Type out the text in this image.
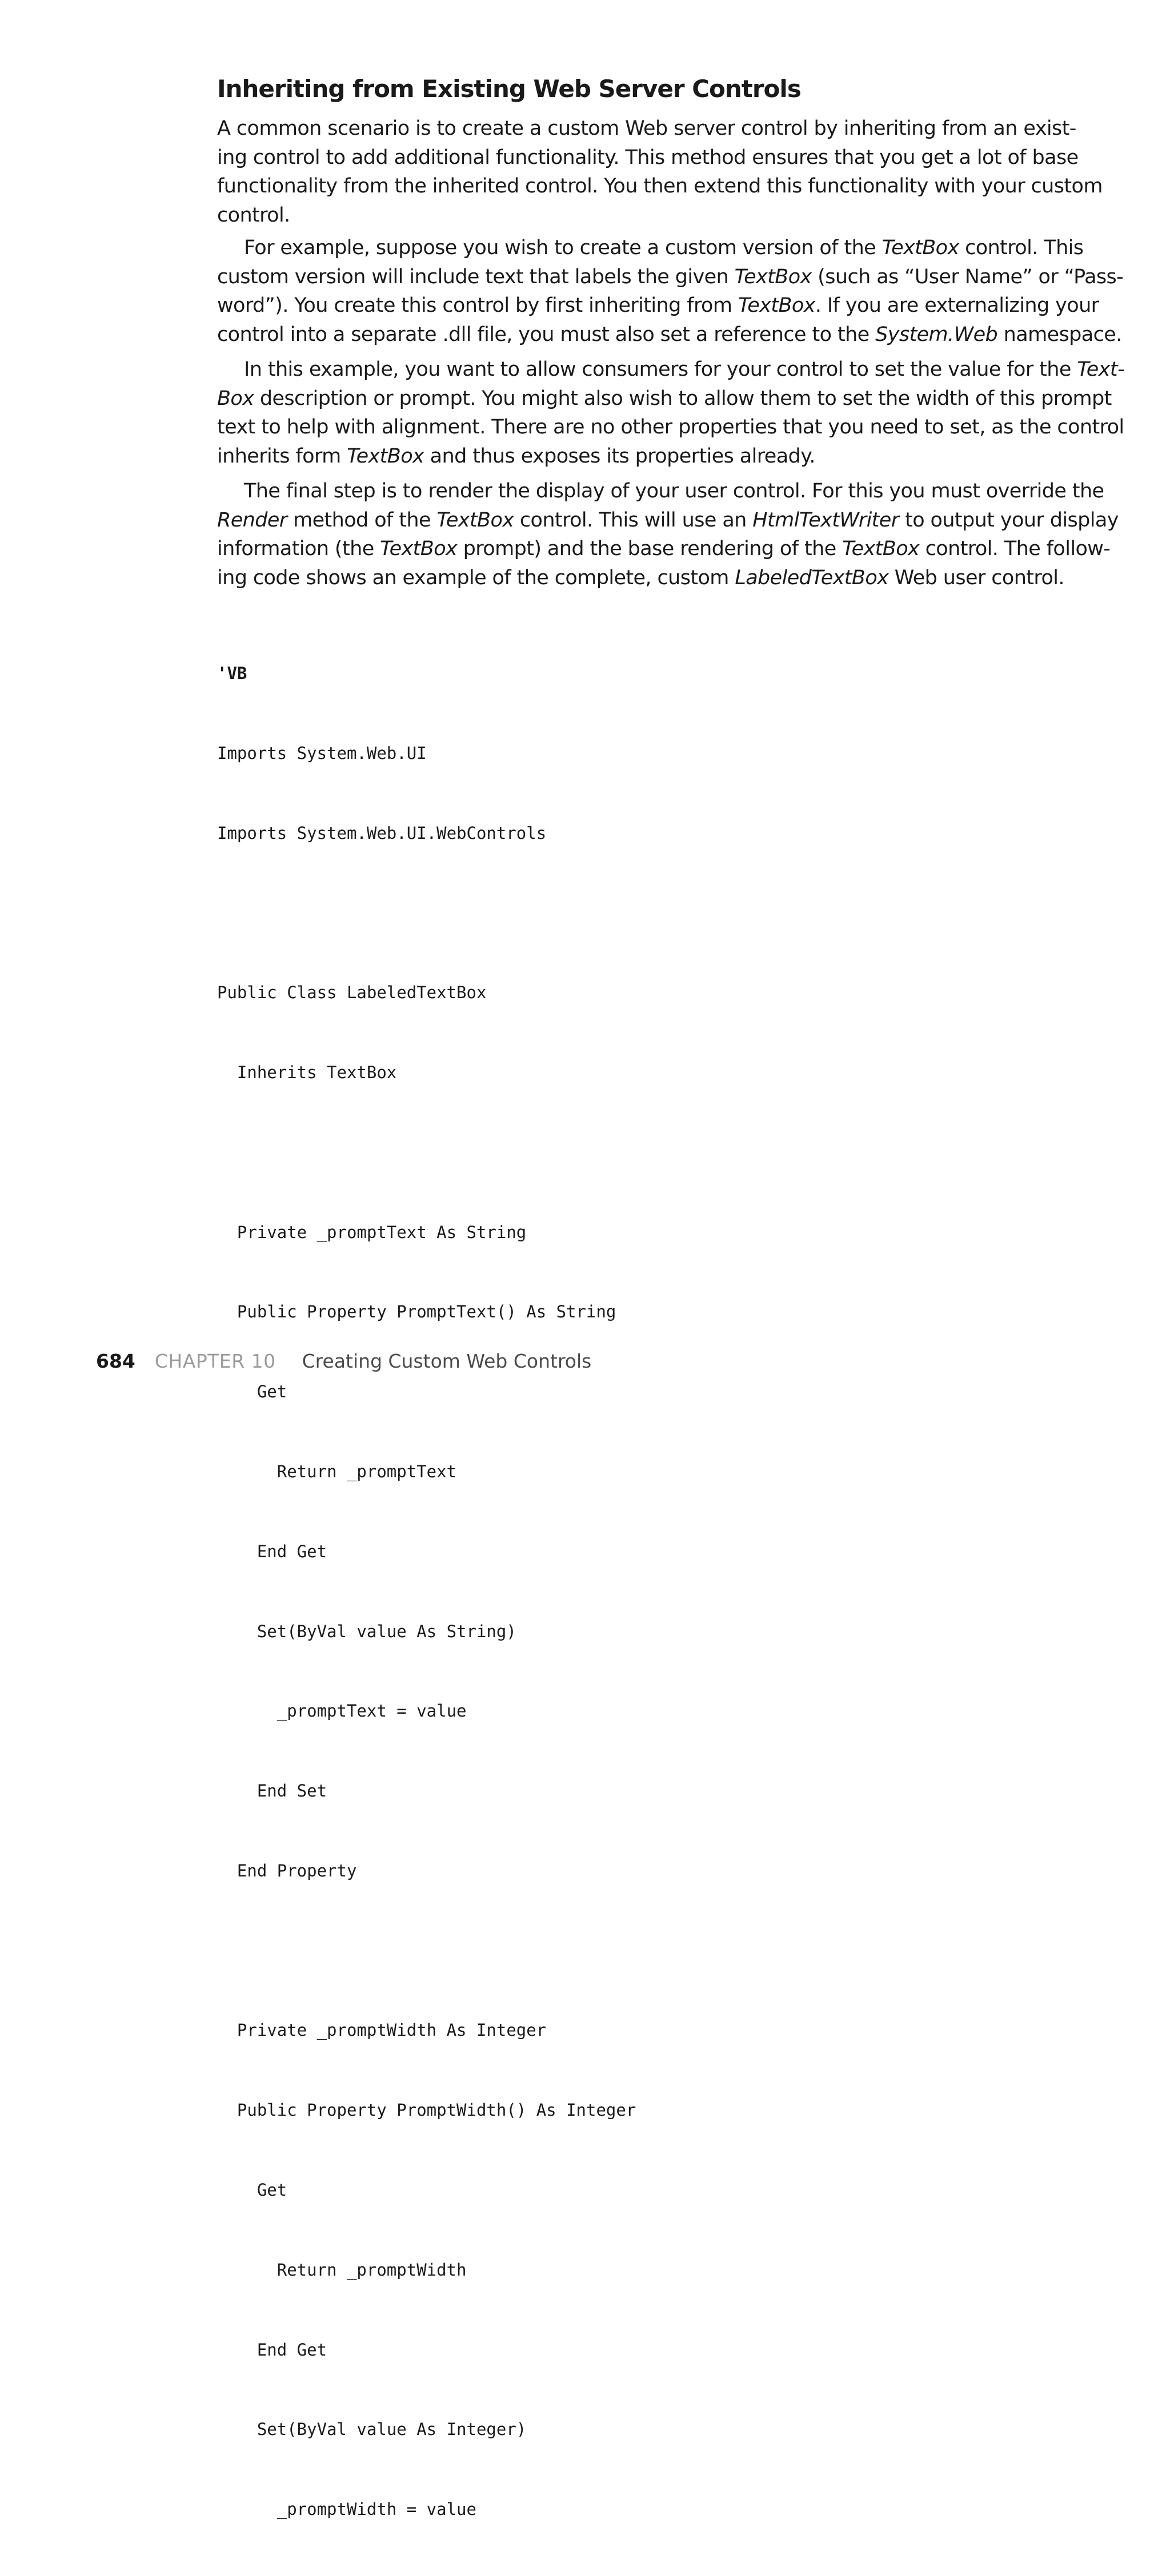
Inheriting from Existing Web Server Controls
A common scenario is to create a custom Web server control by inheriting from an exist-
ing control to add additional functionality. This method ensures that you get a lot of base
functionality from the inherited control. You then extend this functionality with your custom
control.
For example, suppose you wish to create a custom version of the TextBox control. This
custom version will include text that labels the given TextBox (such as “User Name” or “Pass-
word”). You create this control by first inheriting from TextBox. If you are externalizing your
control into a separate .dll file, you must also set a reference to the System.Web namespace.
In this example, you want to allow consumers for your control to set the value for the Text-
Box description or prompt. You might also wish to allow them to set the width of this prompt
text to help with alignment. There are no other properties that you need to set, as the control
inherits form TextBox and thus exposes its properties already.
The final step is to render the display of your user control. For this you must override the
Render method of the TextBox control. This will use an HtmlTextWriter to output your display
information (the TextBox prompt) and the base rendering of the TextBox control. The follow-
ing code shows an example of the complete, custom LabeledTextBox Web user control.

'VB

Imports System.Web.UI

Imports System.Web.UI.WebControls

Public Class LabeledTextBox

Inherits TextBox

Private _promptText As String

Public Property PromptText() As String

Get

Return _promptText

End Get

Set(ByVal value As String)

_promptText = value

End Set

End Property

Private _promptWidth As Integer

Public Property PromptWidth() As Integer

Get

Return _promptWidth

End Get

Set(ByVal value As Integer)

_promptWidth = value

684 CHAPTER 10 Creating Custom Web Controls
